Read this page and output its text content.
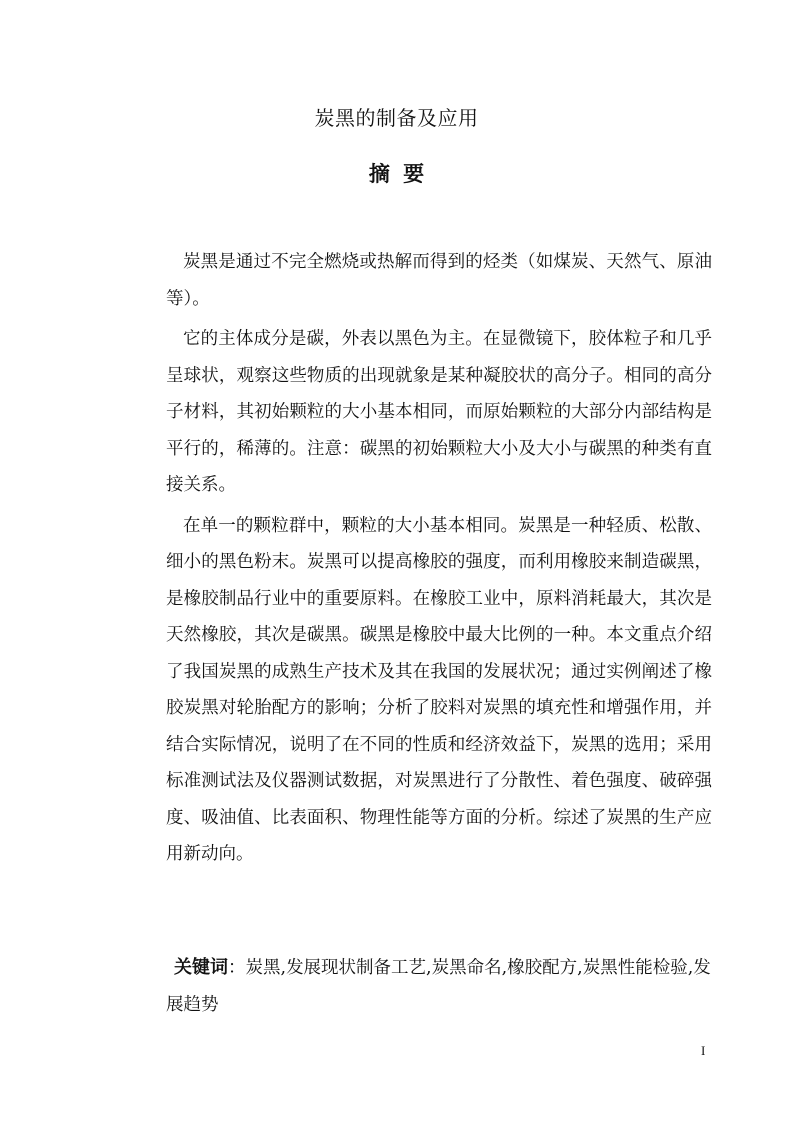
炭黑的制备及应用
摘 要

炭黑是通过不完全燃烧或热解而得到的烃类（如煤炭、天然气、原油等）。

它的主体成分是碳，外表以黑色为主。在显微镜下，胶体粒子和几乎呈球状，观察这些物质的出现就象是某种凝胶状的高分子。相同的高分子材料，其初始颗粒的大小基本相同，而原始颗粒的大部分内部结构是平行的，稀薄的。注意：碳黑的初始颗粒大小及大小与碳黑的种类有直接关系。

在单一的颗粒群中，颗粒的大小基本相同。炭黑是一种轻质、松散、细小的黑色粉末。炭黑可以提高橡胶的强度，而利用橡胶来制造碳黑，是橡胶制品行业中的重要原料。在橡胶工业中，原料消耗最大，其次是天然橡胶，其次是碳黑。碳黑是橡胶中最大比例的一种。本文重点介绍了我国炭黑的成熟生产技术及其在我国的发展状况；通过实例阐述了橡胶炭黑对轮胎配方的影响；分析了胶料对炭黑的填充性和增强作用，并结合实际情况，说明了在不同的性质和经济效益下，炭黑的选用；采用标准测试法及仪器测试数据，对炭黑进行了分散性、着色强度、破碎强度、吸油值、比表面积、物理性能等方面的分析。综述了炭黑的生产应用新动向。

关键词：炭黑,发展现状制备工艺,炭黑命名,橡胶配方,炭黑性能检验,发展趋势
I
